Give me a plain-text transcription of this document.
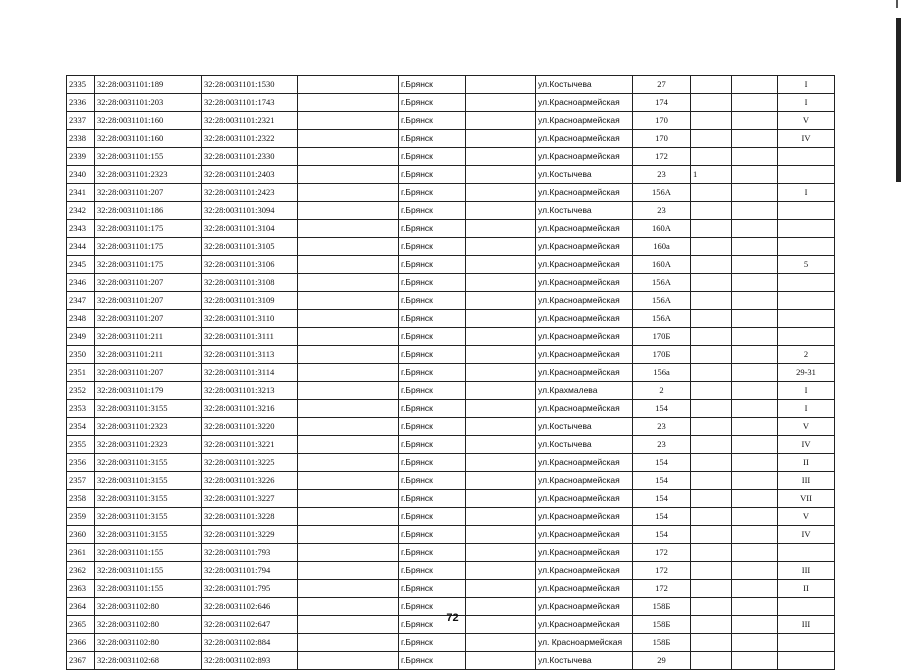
2335	32:28:0031101:189	32:28:0031101:1530		г.Брянск		ул.Костычева	27			I
2336	32:28:0031101:203	32:28:0031101:1743		г.Брянск		ул.Красноармейская	174			I
2337	32:28:0031101:160	32:28:0031101:2321		г.Брянск		ул.Красноармейская	170			V
2338	32:28:0031101:160	32:28:0031101:2322		г.Брянск		ул.Красноармейская	170			IV
2339	32:28:0031101:155	32:28:0031101:2330		г.Брянск		ул.Красноармейская	172			
2340	32:28:0031101:2323	32:28:0031101:2403		г.Брянск		ул.Костычева	23	1		
2341	32:28:0031101:207	32:28:0031101:2423		г.Брянск		ул.Красноармейская	156А			I
2342	32:28:0031101:186	32:28:0031101:3094		г.Брянск		ул.Костычева	23			
2343	32:28:0031101:175	32:28:0031101:3104		г.Брянск		ул.Красноармейская	160А			
2344	32:28:0031101:175	32:28:0031101:3105		г.Брянск		ул.Красноармейская	160а			
2345	32:28:0031101:175	32:28:0031101:3106		г.Брянск		ул.Красноармейская	160А			5
2346	32:28:0031101:207	32:28:0031101:3108		г.Брянск		ул.Красноармейская	156А			
2347	32:28:0031101:207	32:28:0031101:3109		г.Брянск		ул.Красноармейская	156А			
2348	32:28:0031101:207	32:28:0031101:3110		г.Брянск		ул.Красноармейская	156А			
2349	32:28:0031101:211	32:28:0031101:3111		г.Брянск		ул.Красноармейская	170Б			
2350	32:28:0031101:211	32:28:0031101:3113		г.Брянск		ул.Красноармейская	170Б			2
2351	32:28:0031101:207	32:28:0031101:3114		г.Брянск		ул.Красноармейская	156а			29-31
2352	32:28:0031101:179	32:28:0031101:3213		г.Брянск		ул.Крахмалева	2			I
2353	32:28:0031101:3155	32:28:0031101:3216		г.Брянск		ул.Красноармейская	154			I
2354	32:28:0031101:2323	32:28:0031101:3220		г.Брянск		ул.Костычева	23			V
2355	32:28:0031101:2323	32:28:0031101:3221		г.Брянск		ул.Костычева	23			IV
2356	32:28:0031101:3155	32:28:0031101:3225		г.Брянск		ул.Красноармейская	154			II
2357	32:28:0031101:3155	32:28:0031101:3226		г.Брянск		ул.Красноармейская	154			III
2358	32:28:0031101:3155	32:28:0031101:3227		г.Брянск		ул.Красноармейская	154			VII
2359	32:28:0031101:3155	32:28:0031101:3228		г.Брянск		ул.Красноармейская	154			V
2360	32:28:0031101:3155	32:28:0031101:3229		г.Брянск		ул.Красноармейская	154			IV
2361	32:28:0031101:155	32:28:0031101:793		г.Брянск		ул.Красноармейская	172			
2362	32:28:0031101:155	32:28:0031101:794		г.Брянск		ул.Красноармейская	172			III
2363	32:28:0031101:155	32:28:0031101:795		г.Брянск		ул.Красноармейская	172			II
2364	32:28:0031102:80	32:28:0031102:646		г.Брянск		ул.Красноармейская	158Б			
2365	32:28:0031102:80	32:28:0031102:647		г.Брянск		ул.Красноармейская	158Б			III
2366	32:28:0031102:80	32:28:0031102:884		г.Брянск		ул. Красноармейская	158Б			
2367	32:28:0031102:68	32:28:0031102:893		г.Брянск		ул.Костычева	29			
72
